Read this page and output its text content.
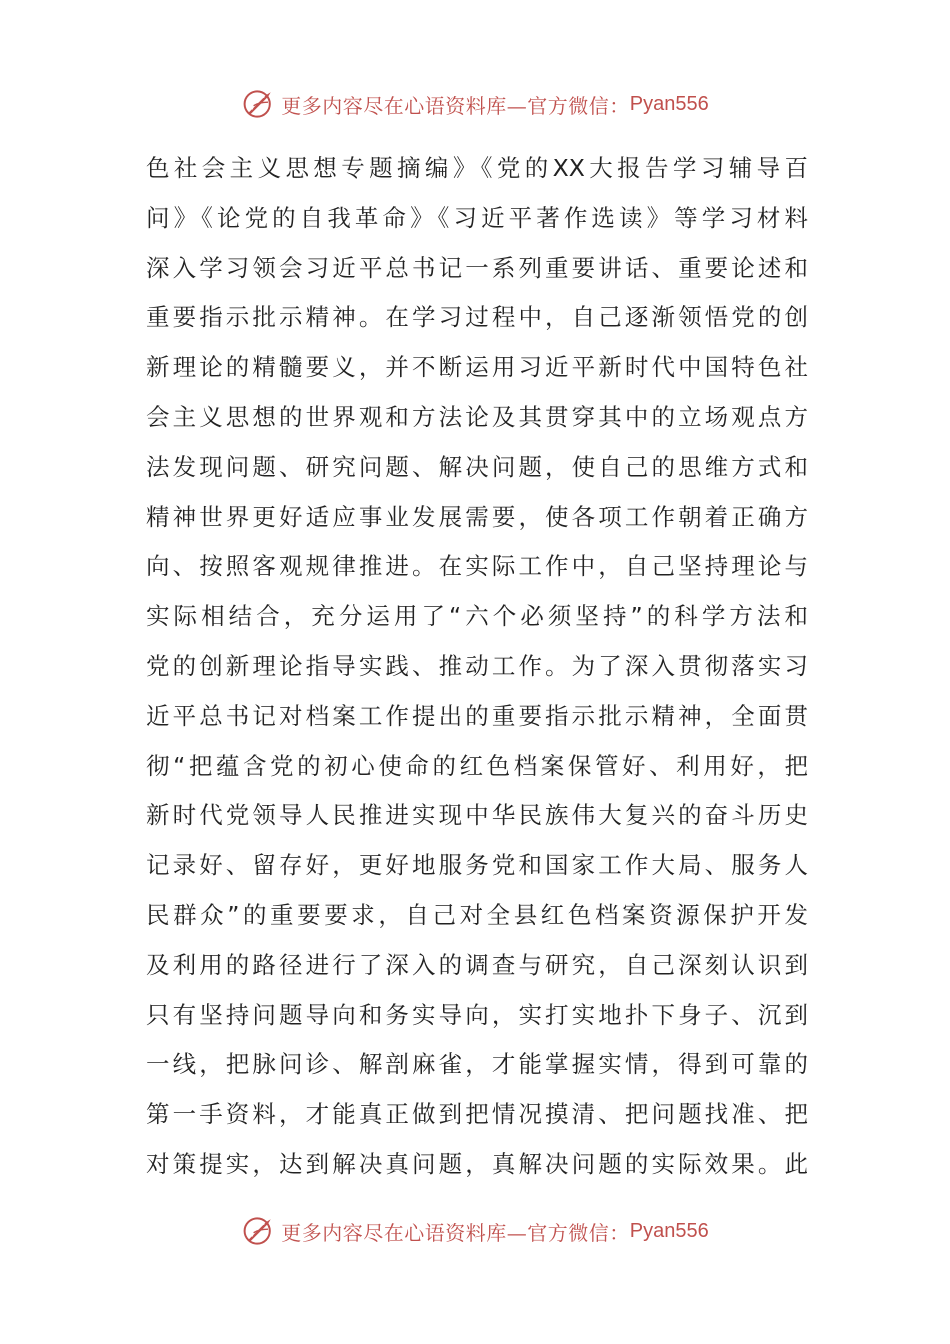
更多内容尽在心语资料库—官方微信： Pyan556
色社会主义思想专题摘编》《党的XX大报告学习辅导百
问》《论党的自我革命》《习近平著作选读》等学习材料
深入学习领会习近平总书记一系列重要讲话、重要论述和
重要指示批示精神。在学习过程中，自己逐渐领悟党的创
新理论的精髓要义，并不断运用习近平新时代中国特色社
会主义思想的世界观和方法论及其贯穿其中的立场观点方
法发现问题、研究问题、解决问题，使自己的思维方式和
精神世界更好适应事业发展需要，使各项工作朝着正确方
向、按照客观规律推进。在实际工作中，自己坚持理论与
实际相结合，充分运用了“六个必须坚持”的科学方法和
党的创新理论指导实践、推动工作。为了深入贯彻落实习
近平总书记对档案工作提出的重要指示批示精神，全面贯
彻“把蕴含党的初心使命的红色档案保管好、利用好，把
新时代党领导人民推进实现中华民族伟大复兴的奋斗历史
记录好、留存好，更好地服务党和国家工作大局、服务人
民群众”的重要要求，自己对全县红色档案资源保护开发
及利用的路径进行了深入的调查与研究，自己深刻认识到
只有坚持问题导向和务实导向，实打实地扑下身子、沉到
一线，把脉问诊、解剖麻雀，才能掌握实情，得到可靠的
第一手资料，才能真正做到把情况摸清、把问题找准、把
对策提实，达到解决真问题，真解决问题的实际效果。此
更多内容尽在心语资料库—官方微信： Pyan556
